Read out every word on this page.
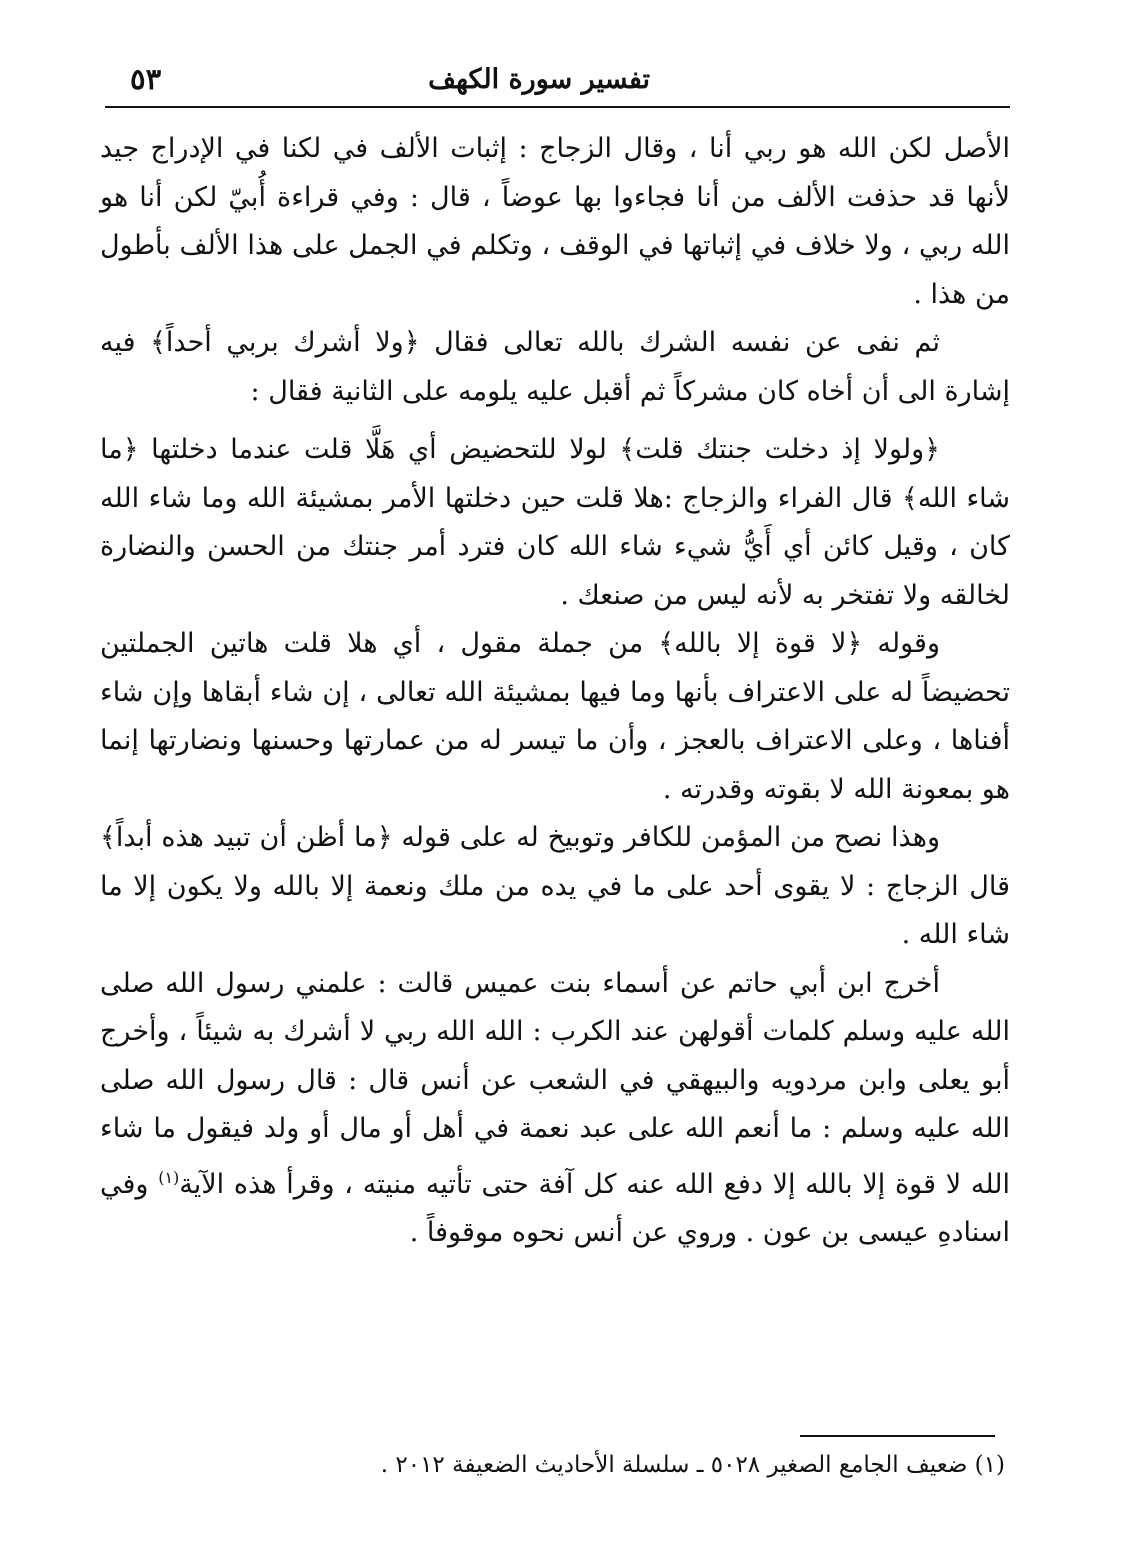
تفسير سورة الكهف
٥٣

الأصل لكن الله هو ربي أنا ، وقال الزجاج : إثبات الألف في لكنا في الإدراج جيد لأنها قد حذفت الألف من أنا فجاءوا بها عوضاً ، قال : وفي قراءة أُبيّ لكن أنا هو الله ربي ، ولا خلاف في إثباتها في الوقف ، وتكلم في الجمل على هذا الألف بأطول من هذا .

ثم نفى عن نفسه الشرك بالله تعالى فقال ﴿ولا أشرك بربي أحداً﴾ فيه إشارة الى أن أخاه كان مشركاً ثم أقبل عليه يلومه على الثانية فقال :

﴿ولولا إذ دخلت جنتك قلت﴾ لولا للتحضيض أي هَلَّا قلت عندما دخلتها ﴿ما شاء الله﴾ قال الفراء والزجاج :هلا قلت حين دخلتها الأمر بمشيئة الله وما شاء الله كان ، وقيل كائن أي أَيُّ شيء شاء الله كان فترد أمر جنتك من الحسن والنضارة لخالقه ولا تفتخر به لأنه ليس من صنعك .

وقوله ﴿لا قوة إلا بالله﴾ من جملة مقول ، أي هلا قلت هاتين الجملتين تحضيضاً له على الاعتراف بأنها وما فيها بمشيئة الله تعالى ، إن شاء أبقاها وإن شاء أفناها ، وعلى الاعتراف بالعجز ، وأن ما تيسر له من عمارتها وحسنها ونضارتها إنما هو بمعونة الله لا بقوته وقدرته .

وهذا نصح من المؤمن للكافر وتوبيخ له على قوله ﴿ما أظن أن تبيد هذه أبداً﴾ قال الزجاج : لا يقوى أحد على ما في يده من ملك ونعمة إلا بالله ولا يكون إلا ما شاء الله .

أخرج ابن أبي حاتم عن أسماء بنت عميس قالت : علمني رسول الله صلى الله عليه وسلم كلمات أقولهن عند الكرب : الله الله ربي لا أشرك به شيئاً ، وأخرج أبو يعلى وابن مردويه والبيهقي في الشعب عن أنس قال : قال رسول الله صلى الله عليه وسلم : ما أنعم الله على عبد نعمة في أهل أو مال أو ولد فيقول ما شاء الله لا قوة إلا بالله إلا دفع الله عنه كل آفة حتى تأتيه منيته ، وقرأ هذه الآية$^{(١)}$ وفي اسنادهِ عيسى بن عون . وروي عن أنس نحوه موقوفاً .

(١) ضعيف الجامع الصغير ٥٠٢٨ ـ سلسلة الأحاديث الضعيفة ٢٠١٢ .
